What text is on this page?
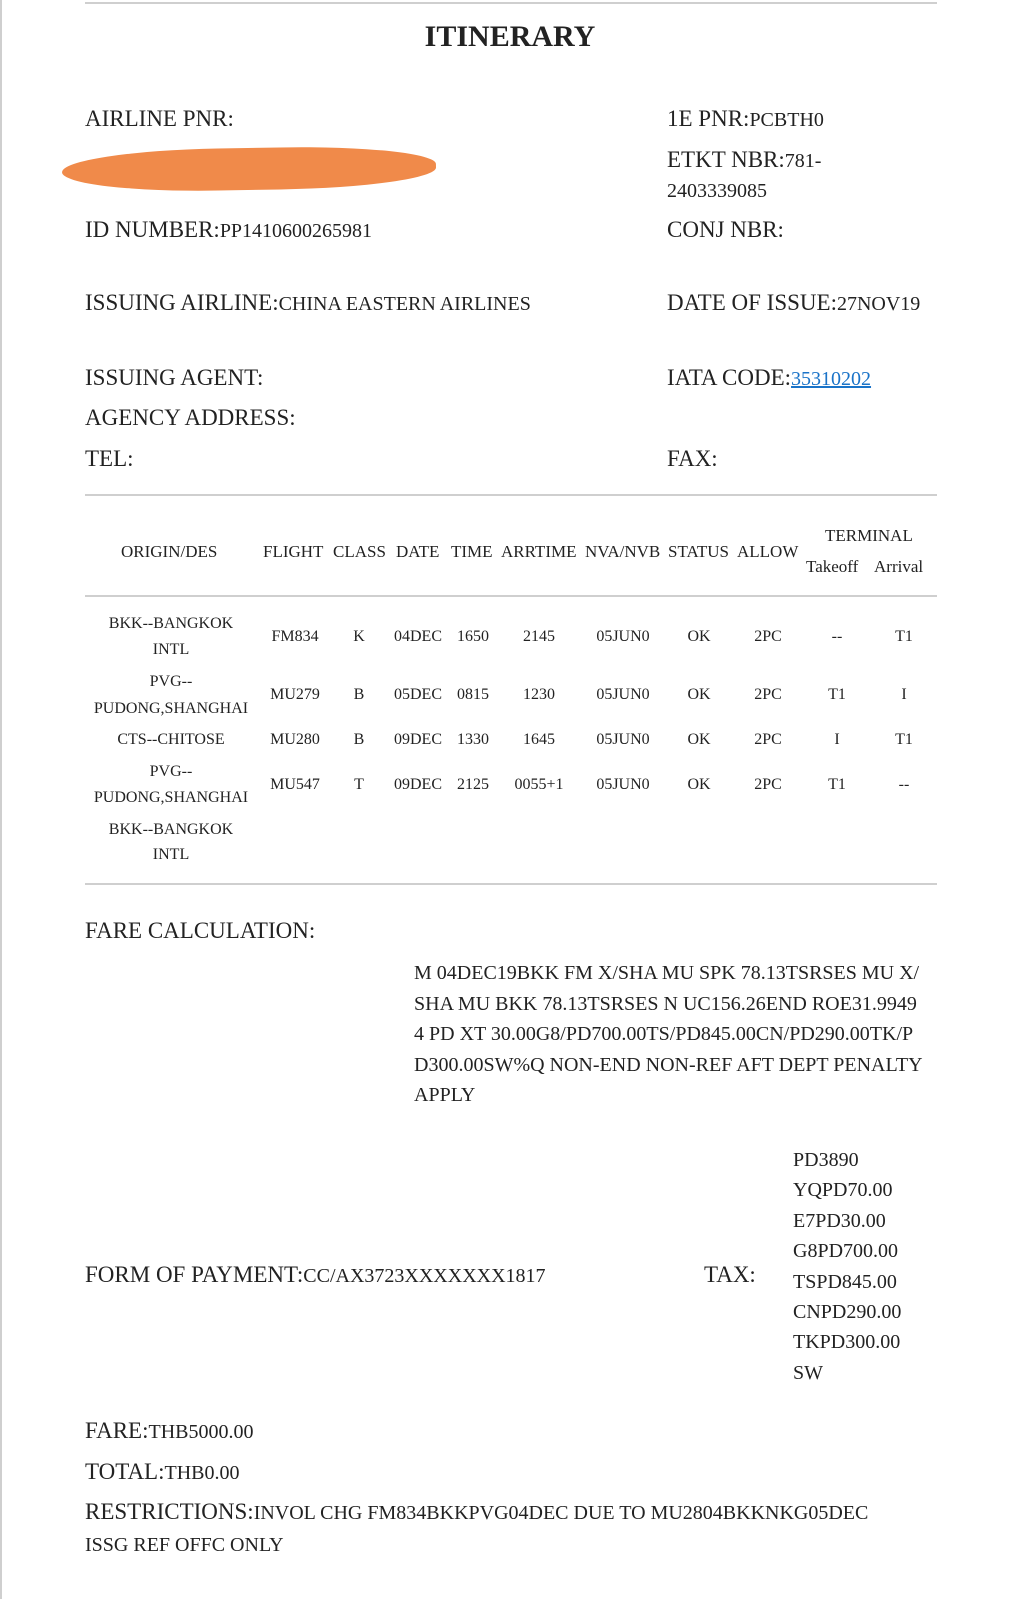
ITINERARY
AIRLINE PNR:	1E PNR:PCBTH0
ETKT NBR:781-
2403339085
ID NUMBER:PP1410600265981	CONJ NBR:
ISSUING AIRLINE:CHINA EASTERN AIRLINES	DATE OF ISSUE:27NOV19
ISSUING AGENT:	IATA CODE:35310202
AGENCY ADDRESS:
TEL:	FAX:
ORIGIN/DES	FLIGHT CLASS DATE TIME ARRTIME NVA/NVB STATUS ALLOW
TERMINAL
Takeoff Arrival
BKK--BANGKOK
INTL
FM834	K	04DEC 1650	2145	05JUN0	OK	2PC	--	T1
PVG--
PUDONG,SHANGHAI
MU279	B	05DEC 0815	1230	05JUN0	OK	2PC	T1	I
CTS--CHITOSE	MU280	B	09DEC 1330	1645	05JUN0	OK	2PC	I	T1
PVG--
PUDONG,SHANGHAI
MU547	T	09DEC 2125	0055+1	05JUN0	OK	2PC	T1	--
BKK--BANGKOK
INTL
FARE CALCULATION:
M 04DEC19BKK FM X/SHA MU SPK 78.13TSRSES MU X/SHA MU BKK 78.13TSRSES N UC156.26END ROE31.99494 PD XT 30.00G8/PD700.00TS/PD845.00CN/PD290.00TK/PD300.00SW%Q NON-END NON-REF AFT DEPT PENALTY APPLY
PD3890
YQPD70.00
E7PD30.00
G8PD700.00
TSPD845.00
CNPD290.00
TKPD300.00
SW
FORM OF PAYMENT:CC/AX3723XXXXXXX1817	TAX:
FARE:THB5000.00
TOTAL:THB0.00
RESTRICTIONS:INVOL CHG FM834BKKPVG04DEC DUE TO MU2804BKKNKG05DEC
ISSG REF OFFC ONLY
